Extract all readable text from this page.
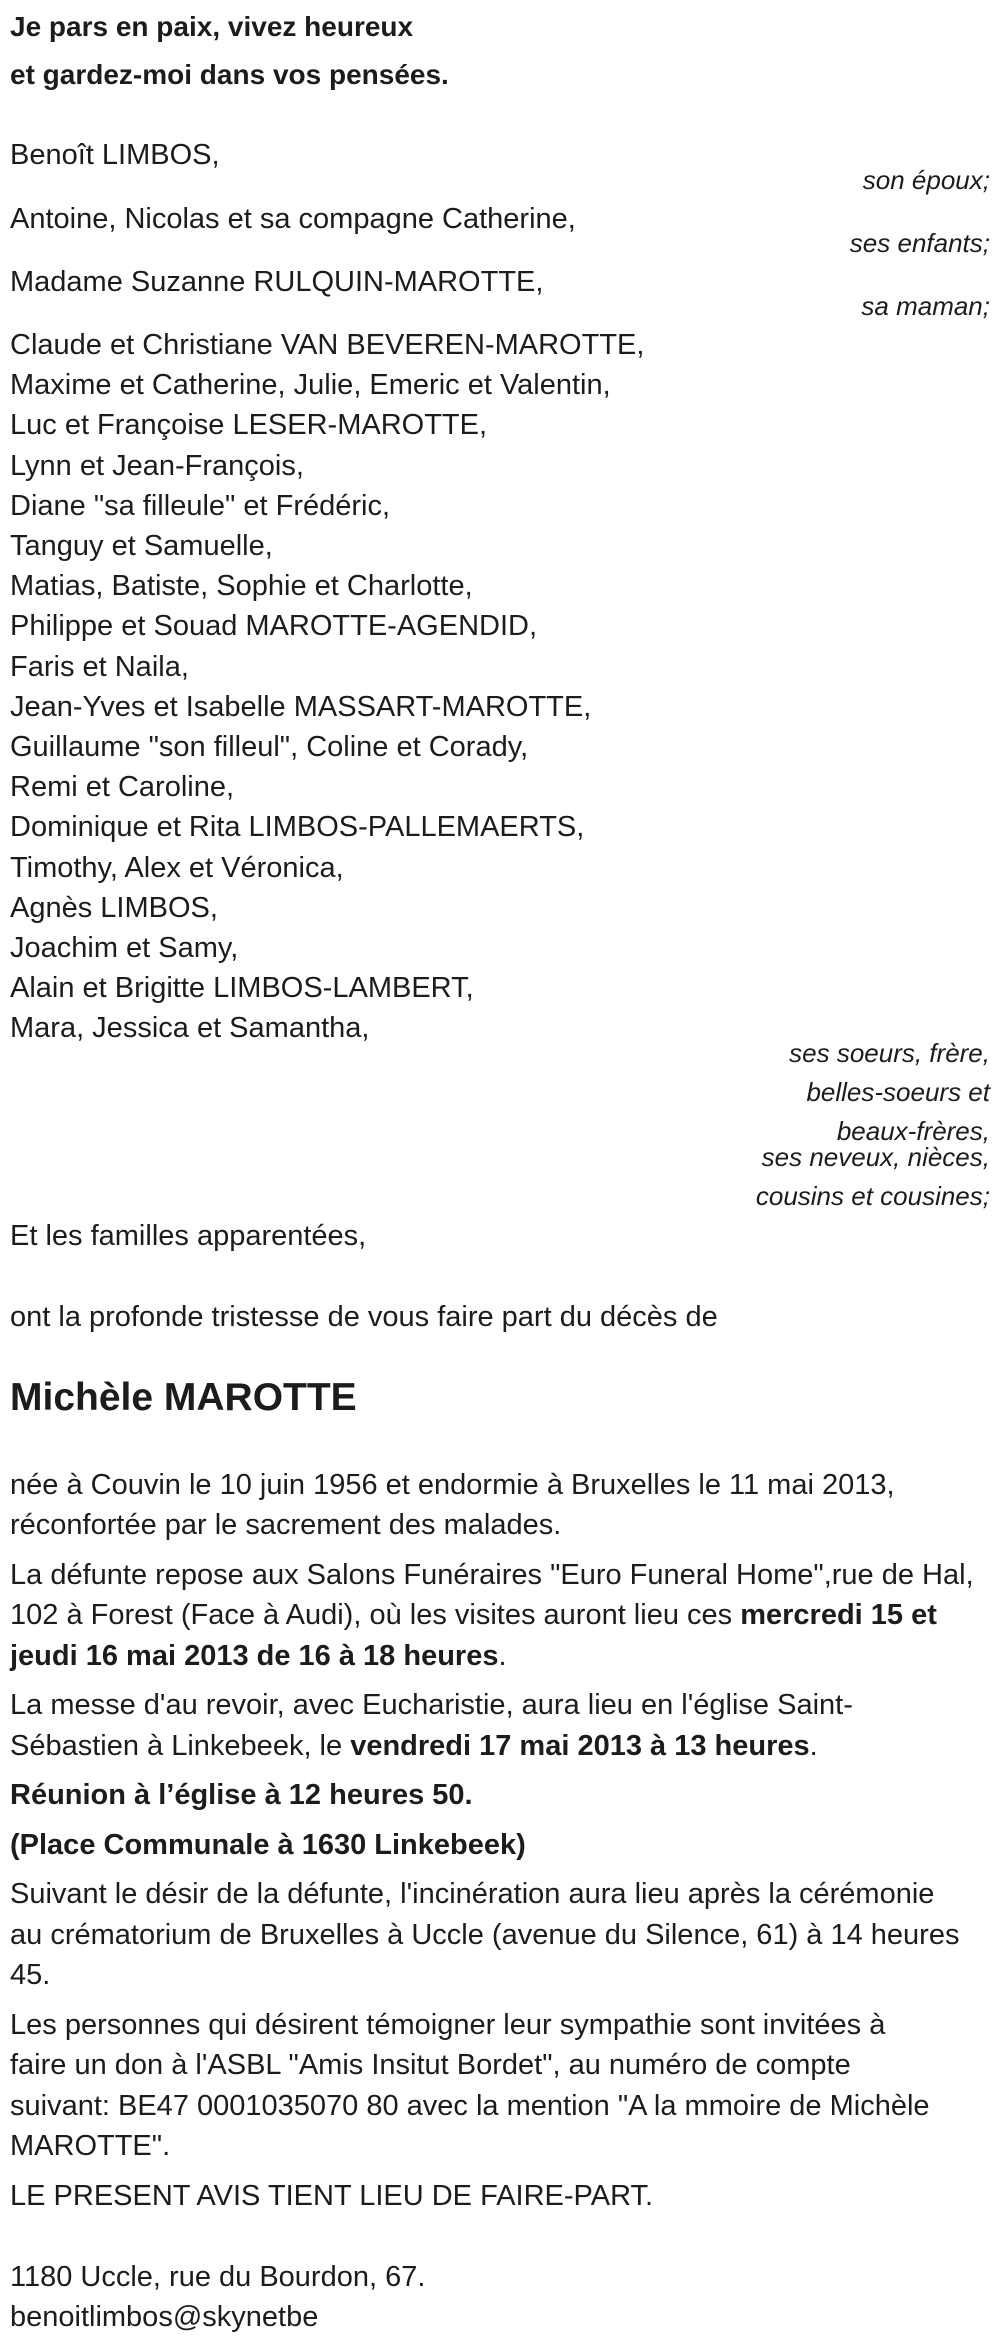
Je pars en paix, vivez heureux
et gardez-moi dans vos pensées.
Benoît LIMBOS,
son époux;
Antoine, Nicolas et sa compagne Catherine,
ses enfants;
Madame Suzanne RULQUIN-MAROTTE,
sa maman;
Claude et Christiane VAN BEVEREN-MAROTTE,
Maxime et Catherine, Julie, Emeric et Valentin,
Luc et Françoise LESER-MAROTTE,
Lynn et Jean-François,
Diane "sa filleule" et Frédéric,
Tanguy et Samuelle,
Matias, Batiste, Sophie et Charlotte,
Philippe et Souad MAROTTE-AGENDID,
Faris et Naila,
Jean-Yves et Isabelle MASSART-MAROTTE,
Guillaume "son filleul", Coline et Corady,
Remi et Caroline,
Dominique et Rita LIMBOS-PALLEMAERTS,
Timothy, Alex et Véronica,
Agnès LIMBOS,
Joachim et Samy,
Alain et Brigitte LIMBOS-LAMBERT,
Mara, Jessica et Samantha,
ses soeurs, frère,
belles-soeurs et
beaux-frères,
ses neveux, nièces,
cousins et cousines;
Et les familles apparentées,
ont la profonde tristesse de vous faire part du décès de
Michèle MAROTTE
née à Couvin le 10 juin 1956 et endormie à Bruxelles le 11 mai 2013,
réconfortée par le sacrement des malades.
La défunte repose aux Salons Funéraires "Euro Funeral Home",rue de Hal,
102 à Forest (Face à Audi), où les visites auront lieu ces mercredi 15 et
jeudi 16 mai 2013 de 16 à 18 heures.
La messe d'au revoir, avec Eucharistie, aura lieu en l'église Saint-
Sébastien à Linkebeek, le vendredi 17 mai 2013 à 13 heures.
Réunion à l’église à 12 heures 50.
(Place Communale à 1630 Linkebeek)
Suivant le désir de la défunte, l'incinération aura lieu après la cérémonie
au crématorium de Bruxelles à Uccle (avenue du Silence, 61) à 14 heures
45.
Les personnes qui désirent témoigner leur sympathie sont invitées à
faire un don à l'ASBL "Amis Insitut Bordet", au numéro de compte
suivant: BE47 0001035070 80 avec la mention "A la mmoire de Michèle
MAROTTE".
LE PRESENT AVIS TIENT LIEU DE FAIRE-PART.
1180 Uccle, rue du Bourdon, 67.
benoitlimbos@skynetbe
